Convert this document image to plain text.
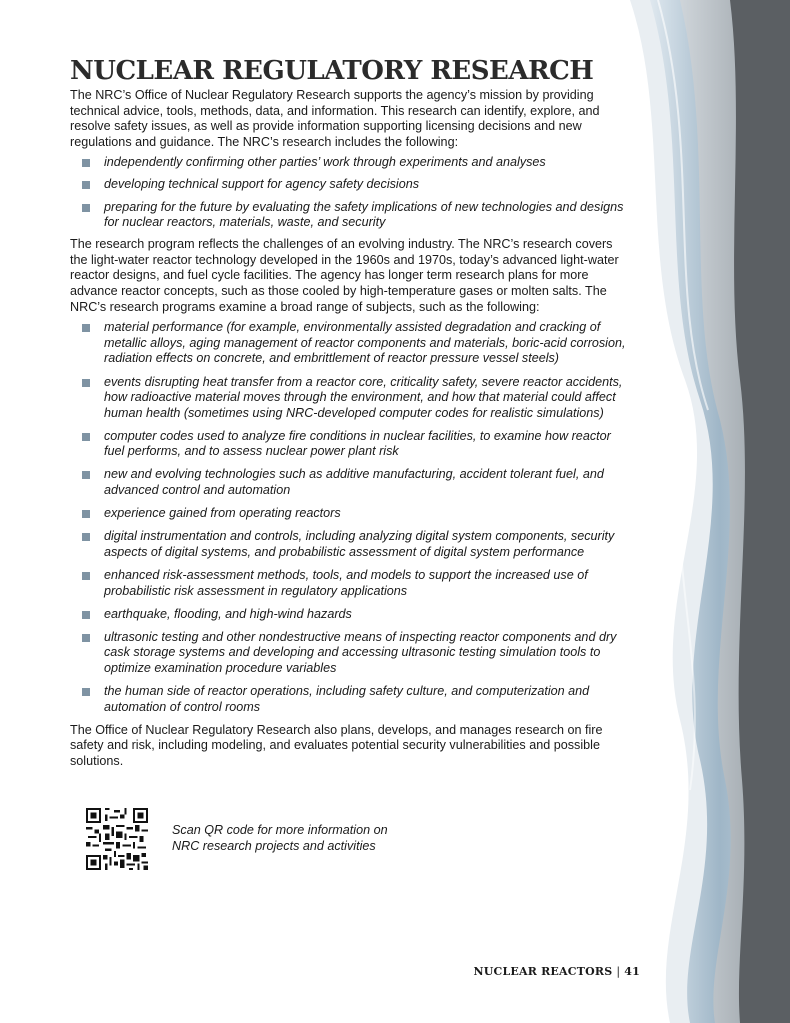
NUCLEAR REGULATORY RESEARCH

The NRC’s Office of Nuclear Regulatory Research supports the agency’s mission by providing technical advice, tools, methods, data, and information. This research can identify, explore, and resolve safety issues, as well as provide information supporting licensing decisions and new regulations and guidance. The NRC’s research includes the following:

independently confirming other parties’ work through experiments and analyses
developing technical support for agency safety decisions
preparing for the future by evaluating the safety implications of new technologies and designs for nuclear reactors, materials, waste, and security

The research program reflects the challenges of an evolving industry. The NRC’s research covers the light-water reactor technology developed in the 1960s and 1970s, today’s advanced light-water reactor designs, and fuel cycle facilities. The agency has longer term research plans for more advance reactor concepts, such as those cooled by high-temperature gases or molten salts. The NRC’s research programs examine a broad range of subjects, such as the following:

material performance (for example, environmentally assisted degradation and cracking of metallic alloys, aging management of reactor components and materials, boric-acid corrosion, radiation effects on concrete, and embrittlement of reactor pressure vessel steels)
events disrupting heat transfer from a reactor core, criticality safety, severe reactor accidents, how radioactive material moves through the environment, and how that material could affect human health (sometimes using NRC-developed computer codes for realistic simulations)
computer codes used to analyze fire conditions in nuclear facilities, to examine how reactor fuel performs, and to assess nuclear power plant risk
new and evolving technologies such as additive manufacturing, accident tolerant fuel, and advanced control and automation
experience gained from operating reactors
digital instrumentation and controls, including analyzing digital system components, security aspects of digital systems, and probabilistic assessment of digital system performance
enhanced risk-assessment methods, tools, and models to support the increased use of probabilistic risk assessment in regulatory applications
earthquake, flooding, and high-wind hazards
ultrasonic testing and other nondestructive means of inspecting reactor components and dry cask storage systems and developing and accessing ultrasonic testing simulation tools to optimize examination procedure variables
the human side of reactor operations, including safety culture, and computerization and automation of control rooms

The Office of Nuclear Regulatory Research also plans, develops, and manages research on fire safety and risk, including modeling, and evaluates potential security vulnerabilities and possible solutions.

Scan QR code for more information on
NRC research projects and activities
NUCLEAR REACTORS | 41
